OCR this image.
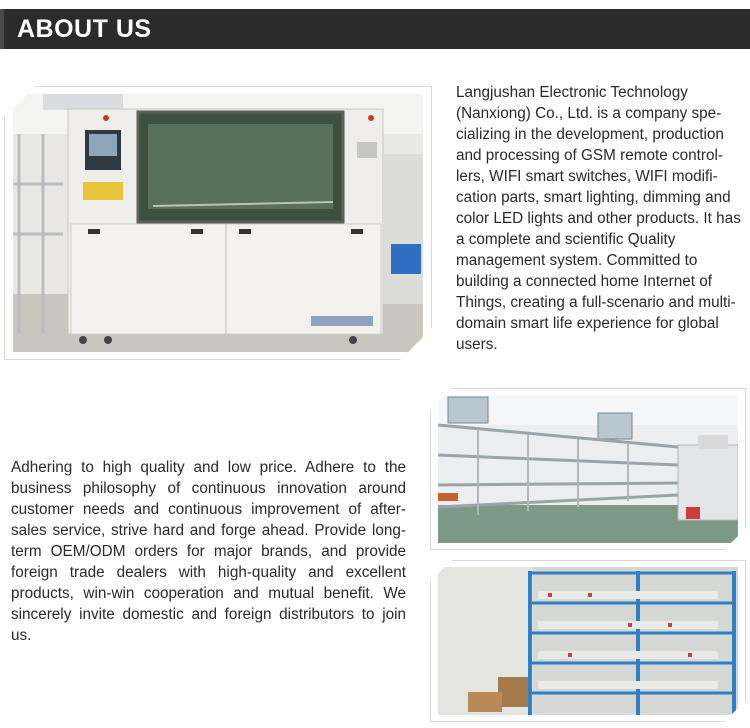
ABOUT US
Langjushan Electronic Technology (Nanxiong) Co., Ltd. is a company specializing in the development, production and processing of GSM remote controllers, WIFI smart switches, WIFI modification parts, smart lighting, dimming and color LED lights and other products. It has a complete and scientific Quality management system. Committed to building a connected home Internet of Things, creating a full-scenario and multi-domain smart life experience for global users.
Adhering to high quality and low price. Adhere to the business philosophy of continuous innovation around customer needs and continuous improvement of after-sales service, strive hard and forge ahead. Provide long-term OEM/ODM orders for major brands, and provide foreign trade dealers with high-quality and excellent products, win-win cooperation and mutual benefit. We sincerely invite domestic and foreign distributors to join us.
